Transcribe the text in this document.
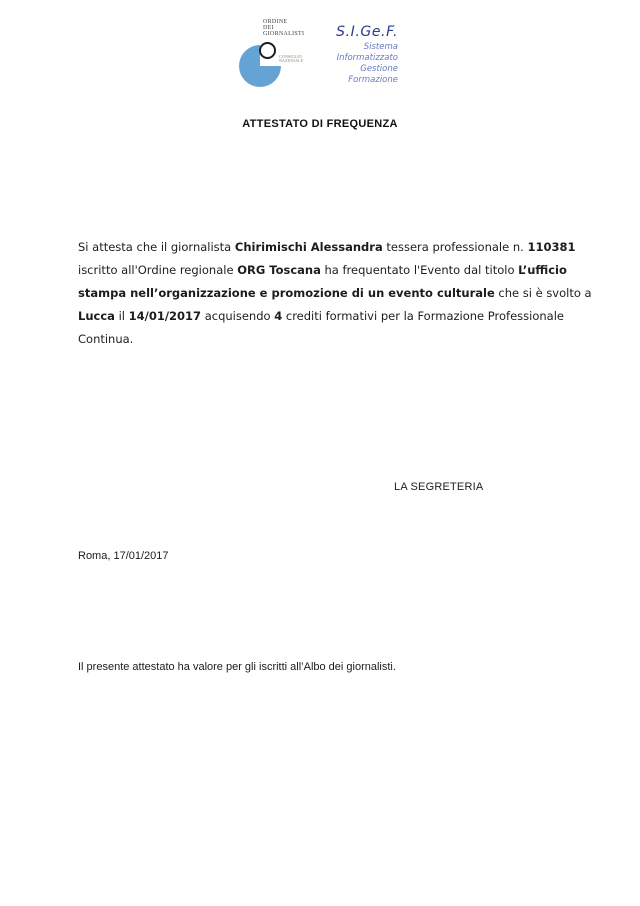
ORDINE
DEI
GIORNALISTI
CONSIGLIO
NAZIONALE
S.I.Ge.F.
Sistema
Informatizzato
Gestione
Formazione
ATTESTATO DI FREQUENZA
Si attesta che il giornalista Chirimischi Alessandra tessera professionale n. 110381
iscritto all'Ordine regionale ORG Toscana ha frequentato l'Evento dal titolo L’ufficio
stampa nell’organizzazione e promozione di un evento culturale che si è svolto a
Lucca il 14/01/2017 acquisendo 4 crediti formativi per la Formazione Professionale
Continua.
LA SEGRETERIA
Roma, 17/01/2017
Il presente attestato ha valore per gli iscritti all’Albo dei giornalisti.
